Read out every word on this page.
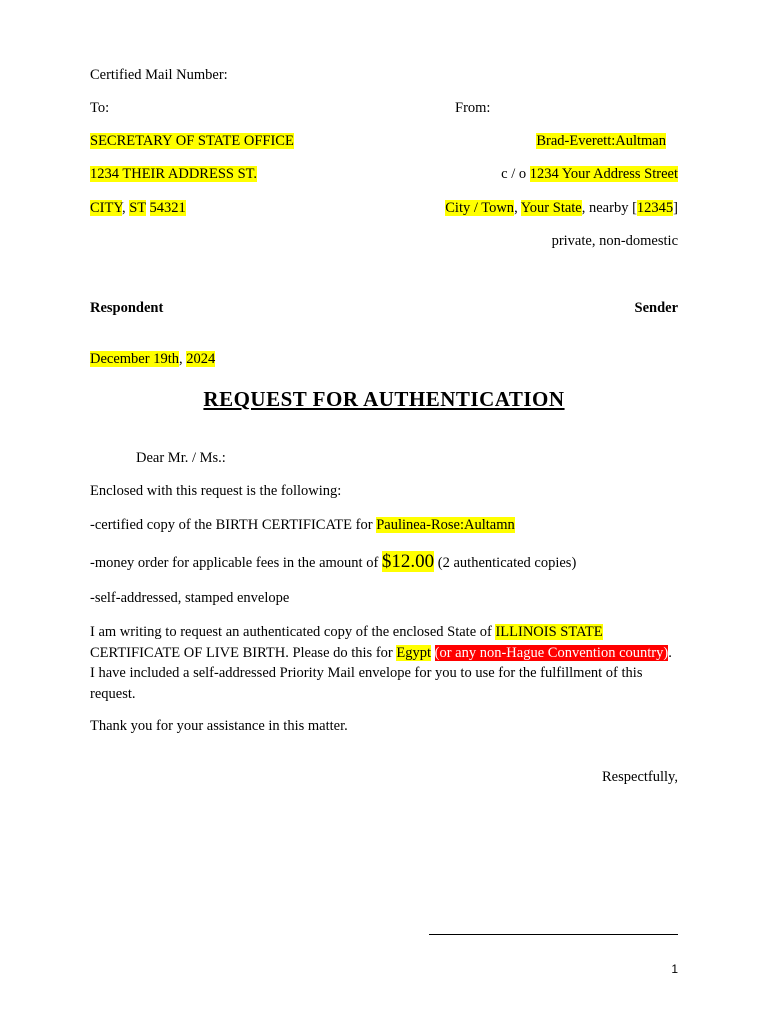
Certified Mail Number:
To:	From:
SECRETARY OF STATE OFFICE
1234 THEIR ADDRESS ST.
CITY, ST 54321
Brad-Everett:Aultman
c / o 1234 Your Address Street
City / Town, Your State, nearby [12345]
private, non-domestic
Respondent	Sender
December 19th, 2024
REQUEST FOR AUTHENTICATION
Dear Mr. / Ms.:
Enclosed with this request is the following:
-certified copy of the BIRTH CERTIFICATE for Paulinea-Rose:Aultamn
-money order for applicable fees in the amount of $12.00 (2 authenticated copies)
-self-addressed, stamped envelope
I am writing to request an authenticated copy of the enclosed State of ILLINOIS STATE CERTIFICATE OF LIVE BIRTH. Please do this for Egypt (or any non-Hague Convention country). I have included a self-addressed Priority Mail envelope for you to use for the fulfillment of this request.
Thank you for your assistance in this matter.
Respectfully,
1
